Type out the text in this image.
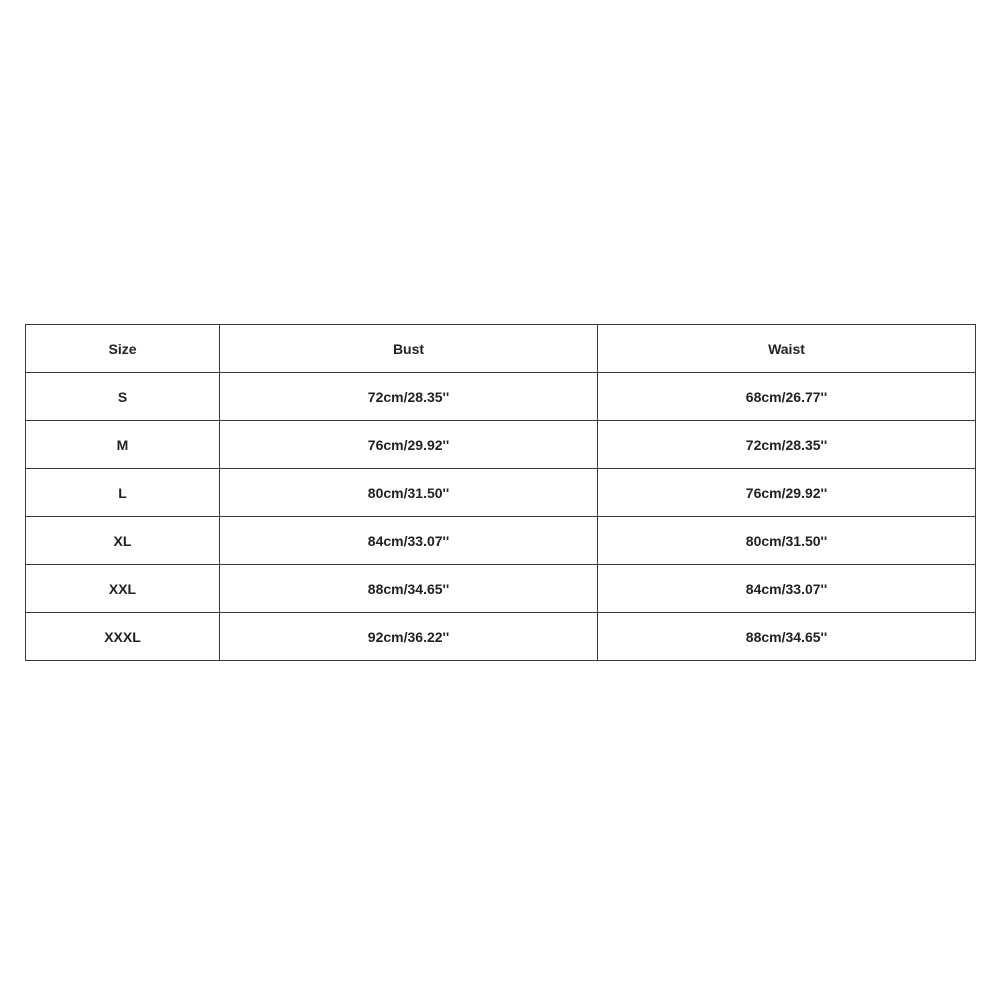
Size	Bust	Waist
S	72cm/28.35''	68cm/26.77''
M	76cm/29.92''	72cm/28.35''
L	80cm/31.50''	76cm/29.92''
XL	84cm/33.07''	80cm/31.50''
XXL	88cm/34.65''	84cm/33.07''
XXXL	92cm/36.22''	88cm/34.65''
